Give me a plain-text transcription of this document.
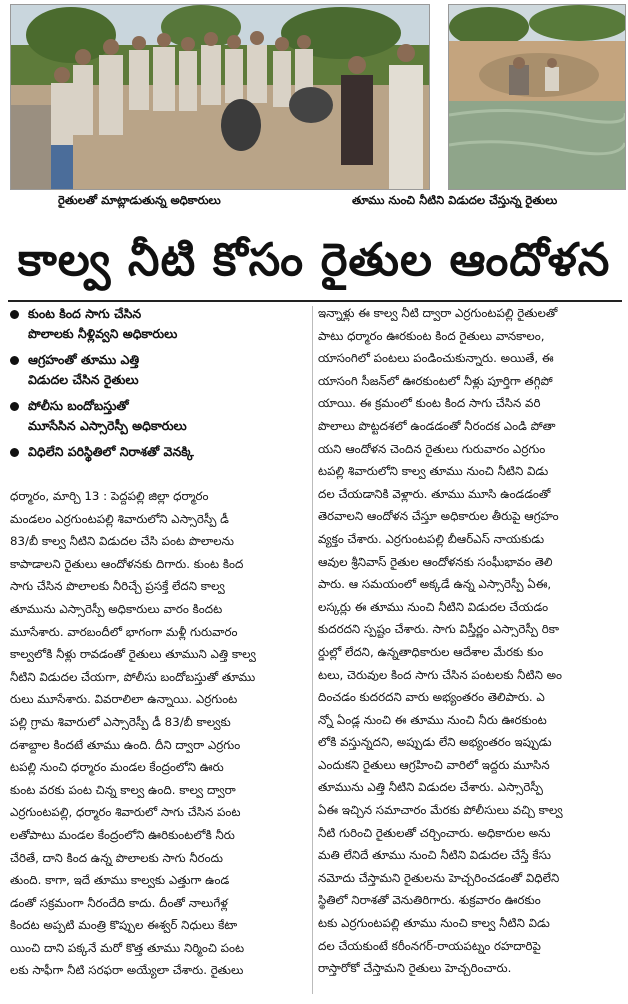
రైతులతో మాట్లాడుతున్న అధికారులు	తూము నుంచి నీటిని విడుదల చేస్తున్న రైతులు
కాల్వ నీటి కోసం రైతుల ఆందోళన
కుంట కింద సాగు చేసిన
పొలాలకు నీళ్లివ్వని అధికారులు
ఆగ్రహంతో తూము ఎత్తి
విడుదల చేసిన రైతులు
పోలీసు బందోబస్తుతో
మూసేసిన ఎస్సారెస్పీ అధికారులు
విధిలేని పరిస్థితిలో నిరాశతో వెనక్కి
ధర్మారం, మార్చి 13 : పెద్దపల్లి జిల్లా ధర్మారం
మండలం ఎర్రగుంటపల్లి శివారులోని ఎస్సారెస్పీ డీ
83/బీ కాల్వ నీటిని విడుదల చేసి పంట పొలాలను
కాపాడాలని రైతులు ఆందోళనకు దిగారు. కుంట కింద
సాగు చేసిన పొలాలకు నీరిచ్చే ప్రసక్తే లేదని కాల్వ
తూమును ఎస్సారెస్పీ అధికారులు వారం కిందట
మూసేశారు. వారబందీలో భాగంగా మళ్లీ గురువారం
కాల్వలోకి నీళ్లు రావడంతో రైతులు తూముని ఎత్తి కాల్వ
నీటిని విడుదల చేయగా, పోలీసు బందోబస్తుతో తూము
రులు మూసేశారు. వివరాలిలా ఉన్నాయి. ఎర్రగుంట
పల్లి గ్రామ శివారులో ఎస్సారెస్పీ డీ 83/బీ కాల్వకు
దశాబ్దాల కిందటే తూము ఉంది. దీని ద్వారా ఎర్రగుం
టపల్లి నుంచి ధర్మారం మండల కేంద్రంలోని ఊరు
కుంట వరకు పంట చిన్న కాల్వ ఉంది. కాల్వ ద్వారా
ఎర్రగుంటపల్లి, ధర్మారం శివారులో సాగు చేసిన పంట
లతోపాటు మండల కేంద్రంలోని ఊరికుంటలోకి నీరు
చేరితే, దాని కింద ఉన్న పొలాలకు సాగు నీరందు
తుంది. కాగా, ఇదే తూము కాల్వకు ఎత్తుగా ఉండ
డంతో సక్రమంగా నీరందేది కాదు. దీంతో నాలుగేళ్ల
కిందట అప్పటి మంత్రి కొప్పుల ఈశ్వర్ నిధులు కేటా
యించి దాని పక్కనే మరో కొత్త తూము నిర్మించి పంట
లకు సాఫీగా నీటి సరఫరా అయ్యేలా చేశారు. రైతులు
ఇన్నాళ్లు ఈ కాల్వ నీటి ద్వారా ఎర్రగుంటపల్లి రైతులతో
పాటు ధర్మారం ఊరకుంట కింద రైతులు వానకాలం,
యాసంగిలో పంటలు పండించుకున్నారు. అయితే, ఈ
యాసంగి సీజన్‌లో ఊరకుంటలో నీళ్లు పూర్తిగా తగ్గిపో
యాయి. ఈ క్రమంలో కుంట కింద సాగు చేసిన వరి
పొలాలు పొట్టదశలో ఉండడంతో నీరందక ఎండి పోతా
యని ఆందోళన చెందిన రైతులు గురువారం ఎర్రగుం
టపల్లి శివారులోని కాల్వ తూము నుంచి నీటిని విడు
దల చేయడానికి వెళ్లారు. తూము మూసి ఉండడంతో
తెరవాలని ఆందోళన చేస్తూ అధికారుల తీరుపై ఆగ్రహం
వ్యక్తం చేశారు. ఎర్రగుంటపల్లి బీఆర్‌ఎస్ నాయకుడు
ఆవుల శ్రీనివాస్ రైతుల ఆందోళనకు సంఘీభావం తెలి
పారు. ఆ సమయంలో అక్కడే ఉన్న ఎస్సారెస్పీ ఏఈ,
లస్కర్లు ఈ తూము నుంచి నీటిని విడుదల చేయడం
కుదరదని స్పష్టం చేశారు. సాగు విస్తీర్ణం ఎస్సారెస్పీ రికా
ర్డుల్లో లేదని, ఉన్నతాధికారుల ఆదేశాల మేరకు కుం
టలు, చెరువుల కింద సాగు చేసిన పంటలకు నీటిని అం
దించడం కుదరదని వారు అభ్యంతరం తెలిపారు. ఎ
న్నో ఏండ్ల నుంచి ఈ తూము నుంచి నీరు ఊరకుంట
లోకి వస్తున్నదని, అప్పుడు లేని అభ్యంతరం ఇప్పుడు
ఎందుకని రైతులు ఆగ్రహించి వారిలో ఇద్దరు మూసిన
తూమును ఎత్తి నీటిని విడుదల చేశారు. ఎస్సారెస్పీ
ఏఈ ఇచ్చిన సమాచారం మేరకు పోలీసులు వచ్చి కాల్వ
నీటి గురించి రైతులతో చర్చించారు. అధికారుల అను
మతి లేనిదే తూము నుంచి నీటిని విడుదల చేస్తే కేసు
నమోదు చేస్తామని రైతులను హెచ్చరించడంతో విధిలేని
స్థితిలో నిరాశతో వెనుతిరిగారు. శుక్రవారం ఊరకుం
టకు ఎర్రగుంటపల్లి తూము నుంచి కాల్వ నీటిని విడు
దల చేయకుంటే కరీంనగర్-రాయపట్నం రహదారిపై
రాస్తారోకో చేస్తామని రైతులు హెచ్చరించారు.
